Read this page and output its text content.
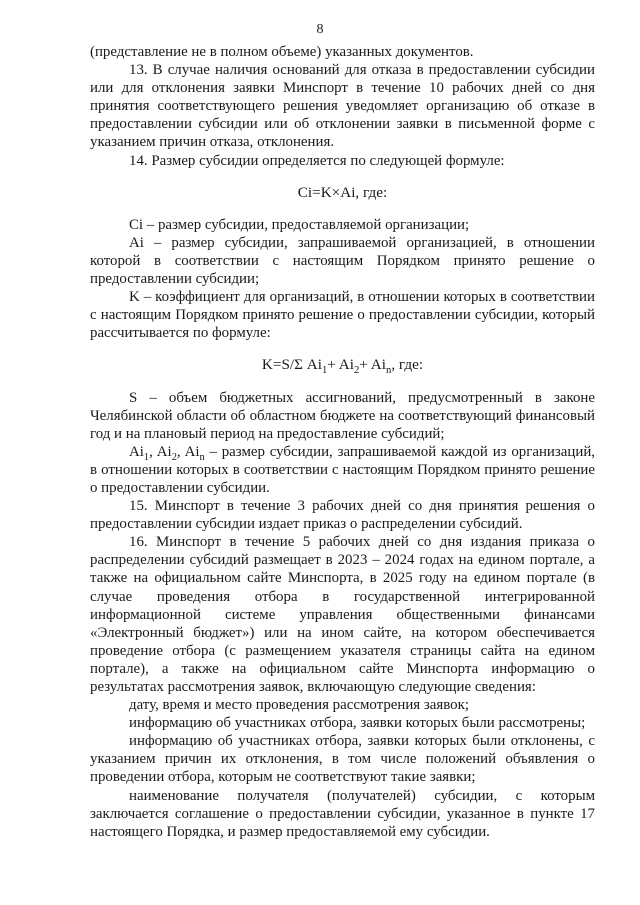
8

(представление не в полном объеме) указанных документов.

13. В случае наличия оснований для отказа в предоставлении субсидии или для отклонения заявки Минспорт в течение 10 рабочих дней со дня принятия соответствующего решения уведомляет организацию об отказе в предоставлении субсидии или об отклонении заявки в письменной форме с указанием причин отказа, отклонения.

14. Размер субсидии определяется по следующей формуле:

Ci=K×Ai, где:

Ci – размер субсидии, предоставляемой организации;

Ai – размер субсидии, запрашиваемой организацией, в отношении которой в соответствии с настоящим Порядком принято решение о предоставлении субсидии;

K – коэффициент для организаций, в отношении которых в соответствии с настоящим Порядком принято решение о предоставлении субсидии, который рассчитывается по формуле:

K=S/Σ $Ai_1+ Ai_2+ Ai_n$, где:

S – объем бюджетных ассигнований, предусмотренный в законе Челябинской области об областном бюджете на соответствующий финансовый год и на плановый период на предоставление субсидий;

$Ai_1$, $Ai_2$, $Ai_n$ – размер субсидии, запрашиваемой каждой из организаций, в отношении которых в соответствии с настоящим Порядком принято решение о предоставлении субсидии.

15. Минспорт в течение 3 рабочих дней со дня принятия решения о предоставлении субсидии издает приказ о распределении субсидий.

16. Минспорт в течение 5 рабочих дней со дня издания приказа о распределении субсидий размещает в 2023 – 2024 годах на едином портале, а также на официальном сайте Минспорта, в 2025 году на едином портале (в случае проведения отбора в государственной интегрированной информационной системе управления общественными финансами «Электронный бюджет») или на ином сайте, на котором обеспечивается проведение отбора (с размещением указателя страницы сайта на едином портале), а также на официальном сайте Минспорта информацию о результатах рассмотрения заявок, включающую следующие сведения:

дату, время и место проведения рассмотрения заявок;

информацию об участниках отбора, заявки которых были рассмотрены;

информацию об участниках отбора, заявки которых были отклонены, с указанием причин их отклонения, в том числе положений объявления о проведении отбора, которым не соответствуют такие заявки;

наименование получателя (получателей) субсидии, с которым заключается соглашение о предоставлении субсидии, указанное в пункте 17 настоящего Порядка, и размер предоставляемой ему субсидии.
